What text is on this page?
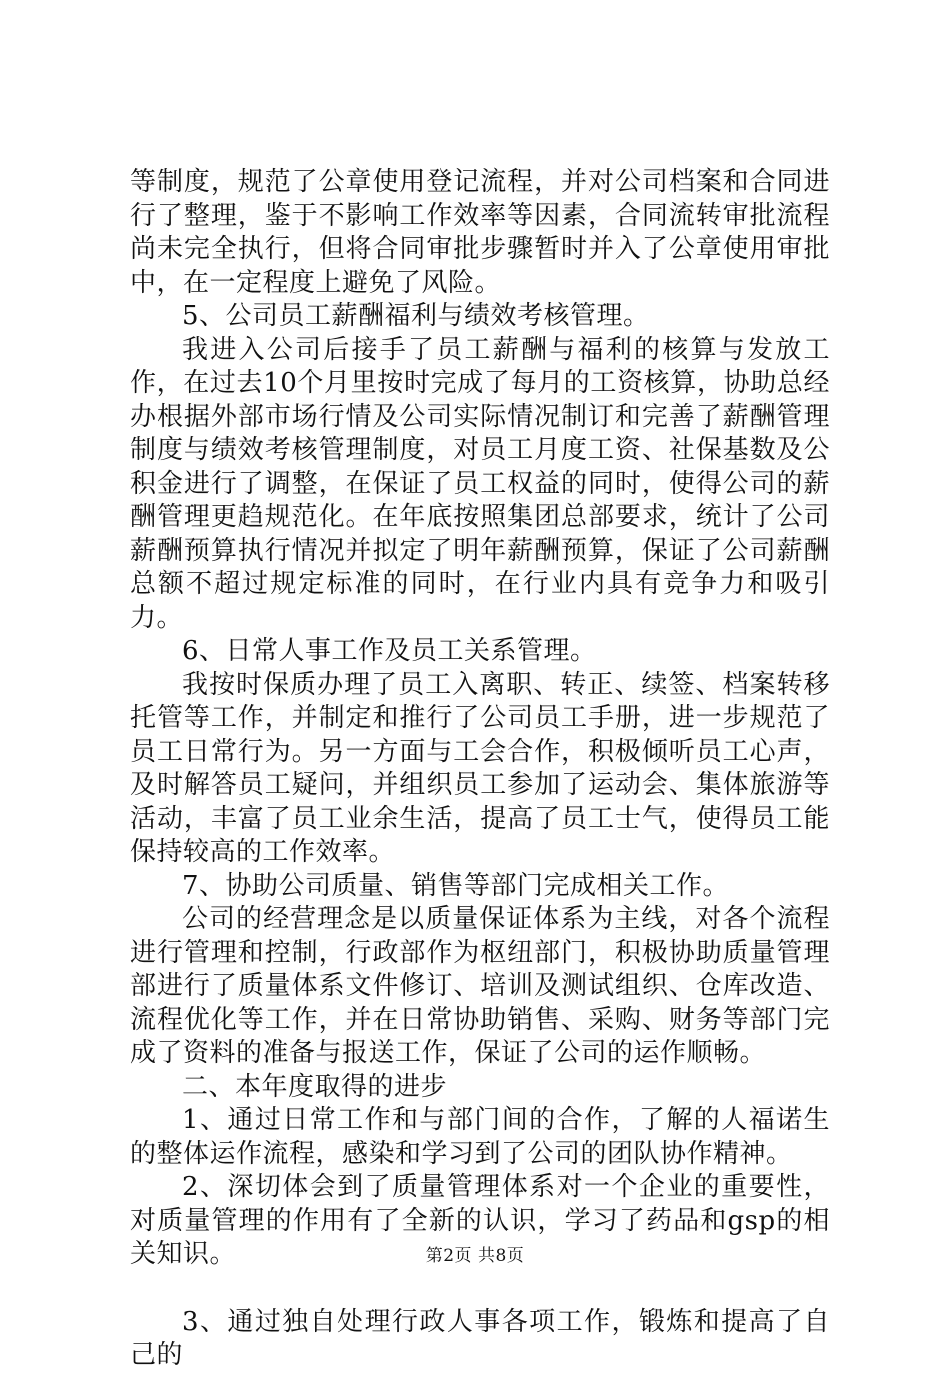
等制度，规范了公章使用登记流程，并对公司档案和合同进行了整理，鉴于不影响工作效率等因素，合同流转审批流程尚未完全执行，但将合同审批步骤暂时并入了公章使用审批中，在一定程度上避免了风险。

5、公司员工薪酬福利与绩效考核管理。

我进入公司后接手了员工薪酬与福利的核算与发放工作，在过去10个月里按时完成了每月的工资核算，协助总经办根据外部市场行情及公司实际情况制订和完善了薪酬管理制度与绩效考核管理制度，对员工月度工资、社保基数及公积金进行了调整，在保证了员工权益的同时，使得公司的薪酬管理更趋规范化。在年底按照集团总部要求，统计了公司薪酬预算执行情况并拟定了明年薪酬预算，保证了公司薪酬总额不超过规定标准的同时，在行业内具有竞争力和吸引力。

6、日常人事工作及员工关系管理。

我按时保质办理了员工入离职、转正、续签、档案转移托管等工作，并制定和推行了公司员工手册，进一步规范了员工日常行为。另一方面与工会合作，积极倾听员工心声，及时解答员工疑问，并组织员工参加了运动会、集体旅游等活动，丰富了员工业余生活，提高了员工士气，使得员工能保持较高的工作效率。

7、协助公司质量、销售等部门完成相关工作。

公司的经营理念是以质量保证体系为主线，对各个流程进行管理和控制，行政部作为枢纽部门，积极协助质量管理部进行了质量体系文件修订、培训及测试组织、仓库改造、流程优化等工作，并在日常协助销售、采购、财务等部门完成了资料的准备与报送工作，保证了公司的运作顺畅。

二、本年度取得的进步

1、通过日常工作和与部门间的合作，了解的人福诺生的整体运作流程，感染和学习到了公司的团队协作精神。

2、深切体会到了质量管理体系对一个企业的重要性，对质量管理的作用有了全新的认识，学习了药品和gsp的相关知识。

3、通过独自处理行政人事各项工作，锻炼和提高了自己的

第2页 共8页
